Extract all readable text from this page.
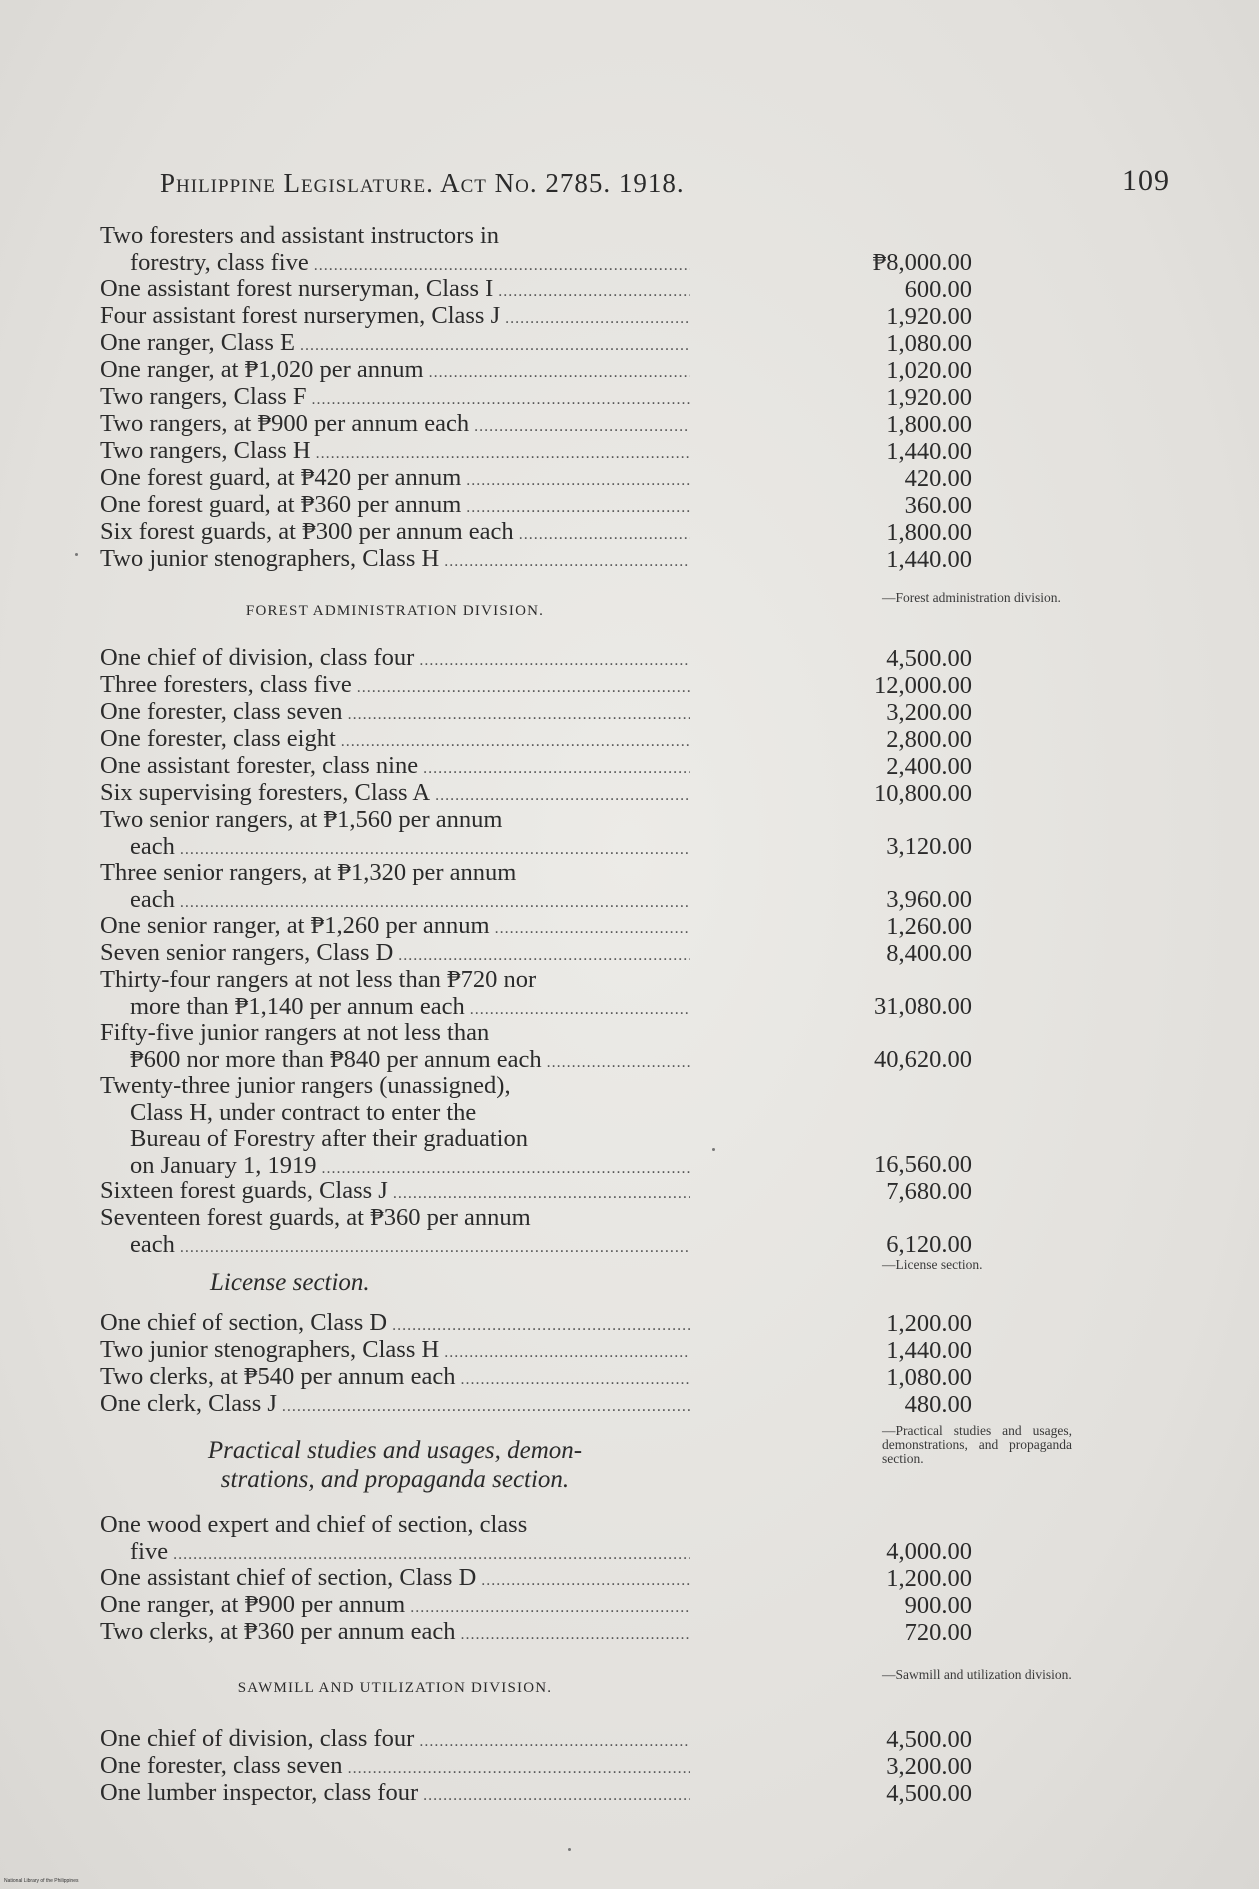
Philippine Legislature. Act No. 2785. 1918.	109
Two foresters and assistant instructors in
forestry, class five .....	₱8,000.00
One assistant forest nurseryman, Class I .....	600.00
Four assistant forest nurserymen, Class J .....	1,920.00
One ranger, Class E .....	1,080.00
One ranger, at ₱1,020 per annum .....	1,020.00
Two rangers, Class F .....	1,920.00
Two rangers, at ₱900 per annum each .....	1,800.00
Two rangers, Class H .....	1,440.00
One forest guard, at ₱420 per annum .....	420.00
One forest guard, at ₱360 per annum .....	360.00
Six forest guards, at ₱300 per annum each .....	1,800.00
Two junior stenographers, Class H .....	1,440.00
FOREST ADMINISTRATION DIVISION.
—Forest administration division.
One chief of division, class four .....	4,500.00
Three foresters, class five .....	12,000.00
One forester, class seven .....	3,200.00
One forester, class eight .....	2,800.00
One assistant forester, class nine .....	2,400.00
Six supervising foresters, Class A .....	10,800.00
Two senior rangers, at ₱1,560 per annum
each .....	3,120.00
Three senior rangers, at ₱1,320 per annum
each .....	3,960.00
One senior ranger, at ₱1,260 per annum .....	1,260.00
Seven senior rangers, Class D .....	8,400.00
Thirty-four rangers at not less than ₱720 nor
more than ₱1,140 per annum each .....	31,080.00
Fifty-five junior rangers at not less than
₱600 nor more than ₱840 per annum each .....	40,620.00
Twenty-three junior rangers (unassigned),
Class H, under contract to enter the
Bureau of Forestry after their graduation
on January 1, 1919 .....	16,560.00
Sixteen forest guards, Class J .....	7,680.00
Seventeen forest guards, at ₱360 per annum
each .....	6,120.00
License section.
—License section.
One chief of section, Class D .....	1,200.00
Two junior stenographers, Class H .....	1,440.00
Two clerks, at ₱540 per annum each .....	1,080.00
One clerk, Class J .....	480.00
Practical studies and usages, demon-
strations, and propaganda section.
—Practical studies and usages, demonstrations, and propaganda section.
One wood expert and chief of section, class
five .....	4,000.00
One assistant chief of section, Class D .....	1,200.00
One ranger, at ₱900 per annum .....	900.00
Two clerks, at ₱360 per annum each .....	720.00
SAWMILL AND UTILIZATION DIVISION.
—Sawmill and utilization division.
One chief of division, class four .....	4,500.00
One forester, class seven .....	3,200.00
One lumber inspector, class four .....	4,500.00
National Library of the Philippines
